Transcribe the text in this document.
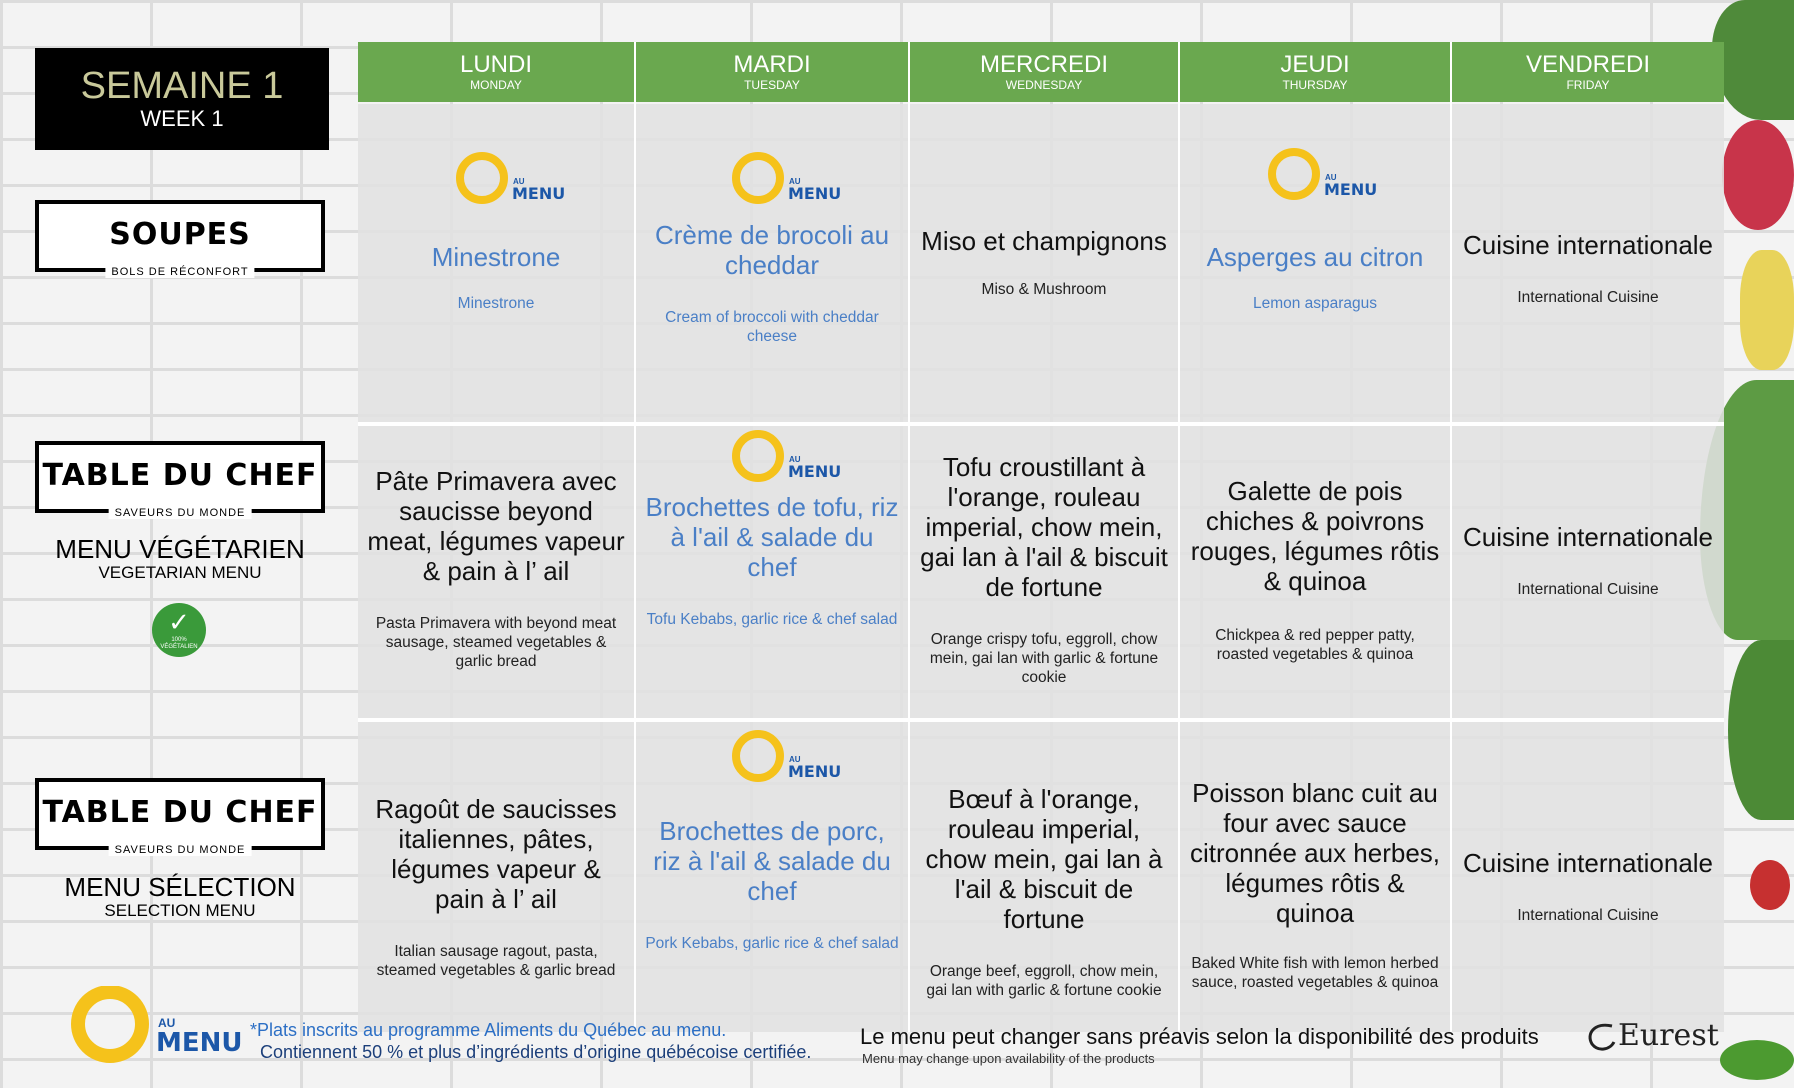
SEMAINE 1
WEEK 1
SOUPES
BOLS DE RÉCONFORT
TABLE DU CHEF
SAVEURS DU MONDE
MENU VÉGÉTARIEN
VEGETARIAN MENU
✓
100% VÉGÉTALIEN
TABLE DU CHEF
SAVEURS DU MONDE
MENU SÉLECTION
SELECTION MENU
LUNDI
MONDAY
MARDI
TUESDAY
MERCREDI
WEDNESDAY
JEUDI
THURSDAY
VENDREDI
FRIDAY
AU
MENU
Minestrone
Minestrone
AU
MENU
Crème de brocoli au cheddar
Cream of broccoli with cheddar cheese
Miso et champignons
Miso & Mushroom
AU
MENU
Asperges au citron
Lemon asparagus
Cuisine internationale
International Cuisine
Pâte Primavera avec saucisse beyond meat, légumes vapeur & pain à l’ ail
Pasta Primavera with beyond meat sausage, steamed vegetables & garlic bread
AU
MENU
Brochettes de tofu, riz à l'ail & salade du chef
Tofu Kebabs, garlic rice & chef salad
Tofu croustillant à l'orange, rouleau imperial, chow mein, gai lan à l'ail & biscuit de fortune
Orange crispy tofu, eggroll, chow mein, gai lan with garlic & fortune cookie
Galette de pois chiches & poivrons rouges, légumes rôtis & quinoa
Chickpea & red pepper patty, roasted vegetables & quinoa
Cuisine internationale
International Cuisine
Ragoût de saucisses italiennes, pâtes, légumes vapeur & pain à l’ ail
Italian sausage ragout, pasta, steamed vegetables & garlic bread
AU
MENU
Brochettes de porc, riz à l'ail & salade du chef
Pork Kebabs, garlic rice & chef salad
Bœuf à l'orange, rouleau imperial, chow mein, gai lan à l'ail & biscuit de fortune
Orange beef, eggroll, chow mein, gai lan with garlic & fortune cookie
Poisson blanc cuit au four avec sauce citronnée aux herbes, légumes rôtis & quinoa
Baked White fish with lemon herbed sauce, roasted vegetables & quinoa
Cuisine internationale
International Cuisine
AU
MENU *Plats inscrits au programme Aliments du Québec au menu.
Contiennent 50 % et plus d’ingrédients d’origine québécoise certifiée.
Le menu peut changer sans préavis selon la disponibilité des produits
Menu may change upon availability of the products
Eurest
